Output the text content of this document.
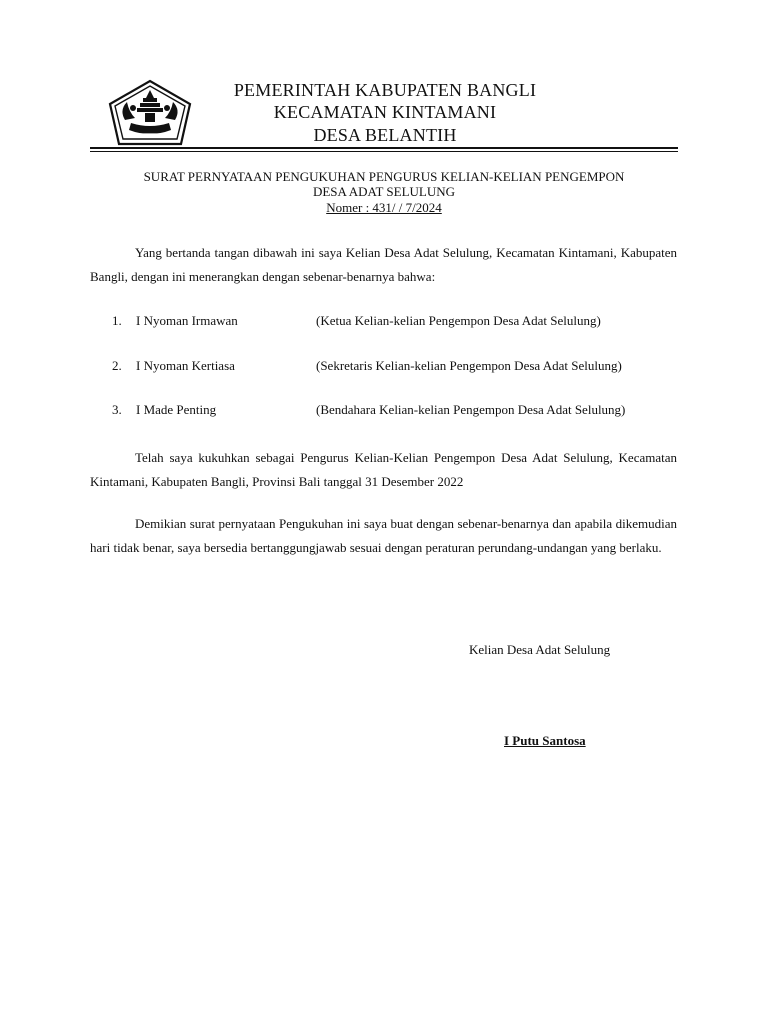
PEMERINTAH KABUPATEN BANGLI
KECAMATAN KINTAMANI
DESA BELANTIH
SURAT PERNYATAAN PENGUKUHAN PENGURUS KELIAN-KELIAN PENGEMPON
DESA ADAT SELULUNG
Nomer : 431/ / 7/2024
Yang bertanda tangan dibawah ini saya Kelian Desa Adat Selulung, Kecamatan Kintamani, Kabupaten Bangli, dengan ini menerangkan dengan sebenar-benarnya bahwa:
1. I Nyoman Irmawan	(Ketua Kelian-kelian Pengempon Desa Adat Selulung)
2. I Nyoman Kertiasa	(Sekretaris Kelian-kelian Pengempon Desa Adat Selulung)
3. I Made Penting	(Bendahara Kelian-kelian Pengempon Desa Adat Selulung)
Telah saya kukuhkan sebagai Pengurus Kelian-Kelian Pengempon Desa Adat Selulung, Kecamatan Kintamani, Kabupaten Bangli, Provinsi Bali tanggal 31 Desember 2022
Demikian surat pernyataan Pengukuhan ini saya buat dengan sebenar-benarnya dan apabila dikemudian hari tidak benar, saya bersedia bertanggungjawab sesuai dengan peraturan perundang-undangan yang berlaku.
Kelian Desa Adat Selulung
I Putu Santosa
